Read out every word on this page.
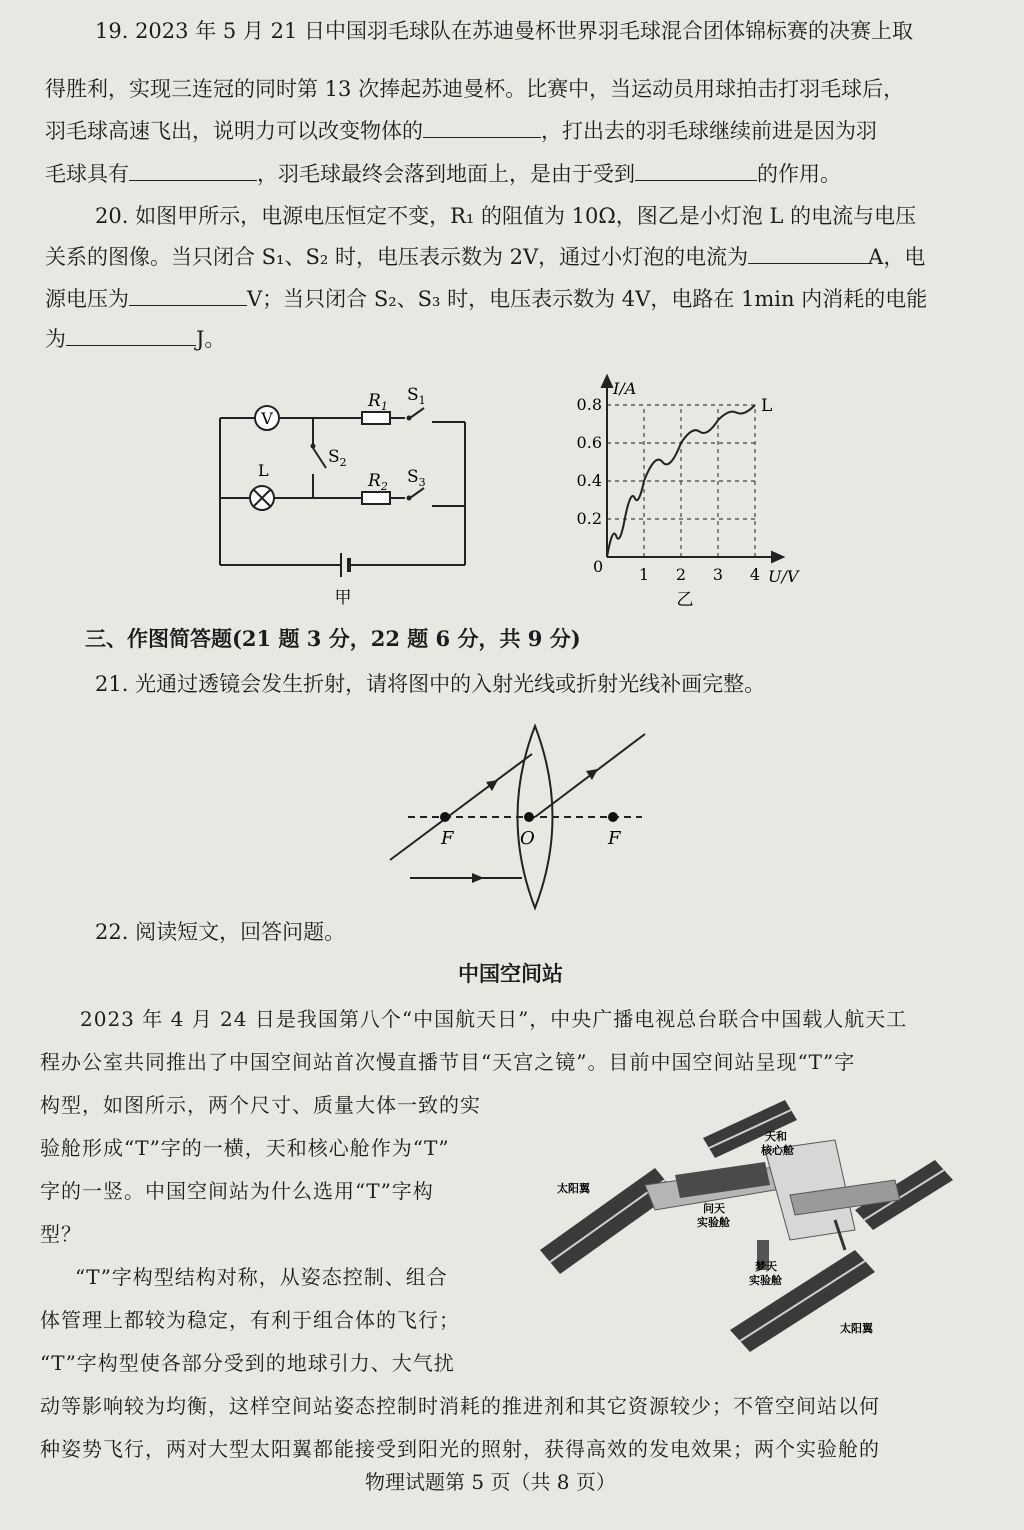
19. 2023 年 5 月 21 日中国羽毛球队在苏迪曼杯世界羽毛球混合团体锦标赛的决赛上取
得胜利，实现三连冠的同时第 13 次捧起苏迪曼杯。比赛中，当运动员用球拍击打羽毛球后，
羽毛球高速飞出，说明力可以改变物体的	，打出去的羽毛球继续前进是因为羽
毛球具有	，羽毛球最终会落到地面上，是由于受到	的作用。
20. 如图甲所示，电源电压恒定不变，R₁ 的阻值为 10Ω，图乙是小灯泡 L 的电流与电压
关系的图像。当只闭合 S₁、S₂ 时，电压表示数为 2V，通过小灯泡的电流为	A，电
源电压为	V；当只闭合 S₂、S₃ 时，电压表示数为 4V，电路在 1min 内消耗的电能
为	J。
V
L
$R_1$
$S_1$
$S_2$
$R_2$ $S_3$
甲
1 2 3 4
0.2
0.4
0.6
0.8	L
I/A
U/V
0
乙
三、作图简答题(21 题 3 分，22 题 6 分，共 9 分)
21. 光通过透镜会发生折射，请将图中的入射光线或折射光线补画完整。
F	O	F
22. 阅读短文，回答问题。
中国空间站
2023 年 4 月 24 日是我国第八个“中国航天日”，中央广播电视总台联合中国载人航天工
程办公室共同推出了中国空间站首次慢直播节目“天宫之镜”。目前中国空间站呈现“T”字
构型，如图所示，两个尺寸、质量大体一致的实
验舱形成“T”字的一横，天和核心舱作为“T”
字的一竖。中国空间站为什么选用“T”字构
型？
“T”字构型结构对称，从姿态控制、组合
体管理上都较为稳定，有利于组合体的飞行；
“T”字构型使各部分受到的地球引力、大气扰
动等影响较为均衡，这样空间站姿态控制时消耗的推进剂和其它资源较少；不管空间站以何
种姿势飞行，两对大型太阳翼都能接受到阳光的照射，获得高效的发电效果；两个实验舱的
天和
核心舱
问天
实验舱
梦天
实验舱
太阳翼
太阳翼
物理试题第 5 页（共 8 页）
